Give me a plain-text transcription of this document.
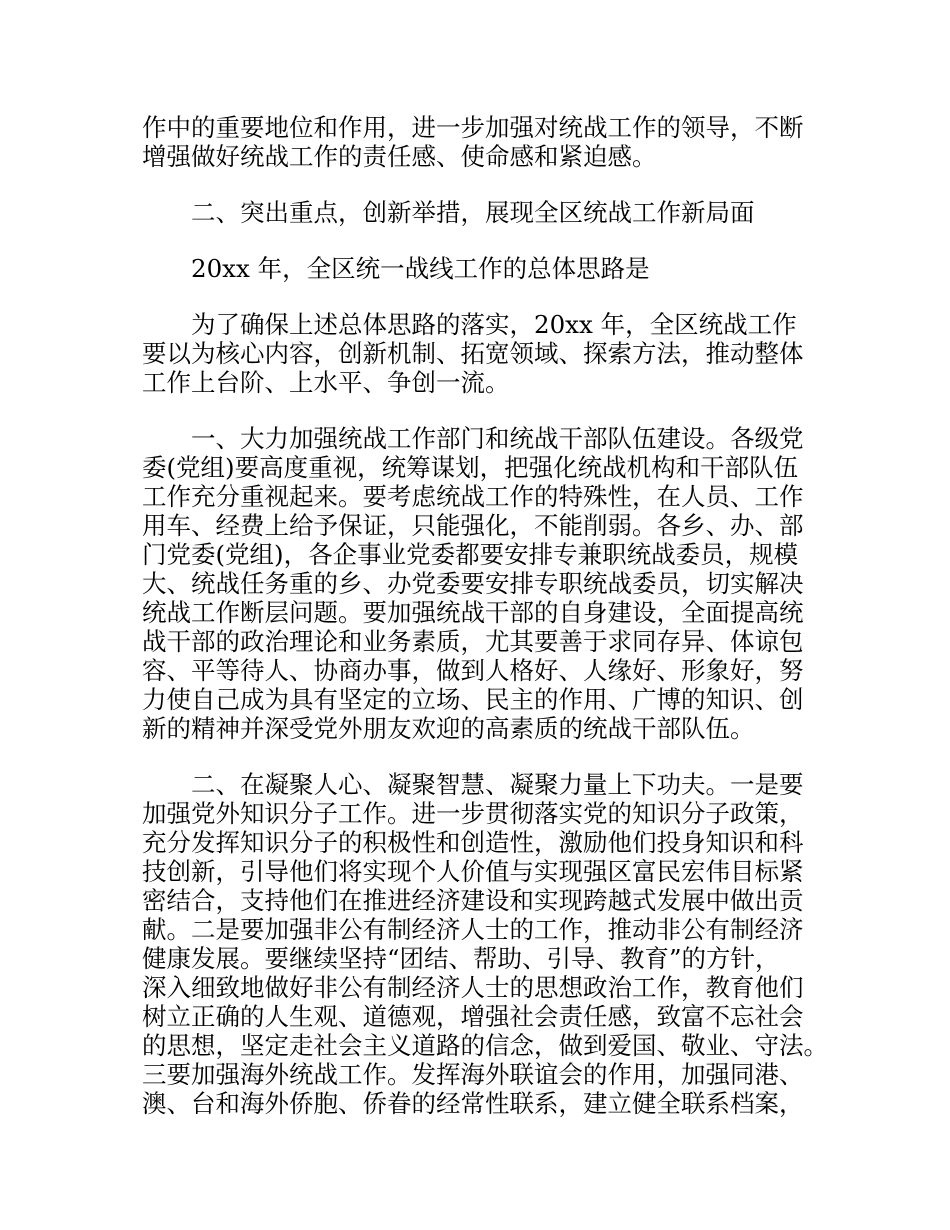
作中的重要地位和作用，进一步加强对统战工作的领导，不断
增强做好统战工作的责任感、使命感和紧迫感。
二、突出重点，创新举措，展现全区统战工作新局面
20xx 年，全区统一战线工作的总体思路是
为了确保上述总体思路的落实，20xx 年，全区统战工作
要以为核心内容，创新机制、拓宽领域、探索方法，推动整体
工作上台阶、上水平、争创一流。
一、大力加强统战工作部门和统战干部队伍建设。各级党
委(党组)要高度重视，统筹谋划，把强化统战机构和干部队伍
工作充分重视起来。要考虑统战工作的特殊性，在人员、工作
用车、经费上给予保证，只能强化，不能削弱。各乡、办、部
门党委(党组)，各企事业党委都要安排专兼职统战委员，规模
大、统战任务重的乡、办党委要安排专职统战委员，切实解决
统战工作断层问题。要加强统战干部的自身建设，全面提高统
战干部的政治理论和业务素质，尤其要善于求同存异、体谅包
容、平等待人、协商办事，做到人格好、人缘好、形象好，努
力使自己成为具有坚定的立场、民主的作用、广博的知识、创
新的精神并深受党外朋友欢迎的高素质的统战干部队伍。
二、在凝聚人心、凝聚智慧、凝聚力量上下功夫。一是要
加强党外知识分子工作。进一步贯彻落实党的知识分子政策，
充分发挥知识分子的积极性和创造性，激励他们投身知识和科
技创新，引导他们将实现个人价值与实现强区富民宏伟目标紧
密结合，支持他们在推进经济建设和实现跨越式发展中做出贡
献。二是要加强非公有制经济人士的工作，推动非公有制经济
健康发展。要继续坚持“团结、帮助、引导、教育”的方针，
深入细致地做好非公有制经济人士的思想政治工作，教育他们
树立正确的人生观、道德观，增强社会责任感，致富不忘社会
的思想，坚定走社会主义道路的信念，做到爱国、敬业、守法。
三要加强海外统战工作。发挥海外联谊会的作用，加强同港、
澳、台和海外侨胞、侨眷的经常性联系，建立健全联系档案，
